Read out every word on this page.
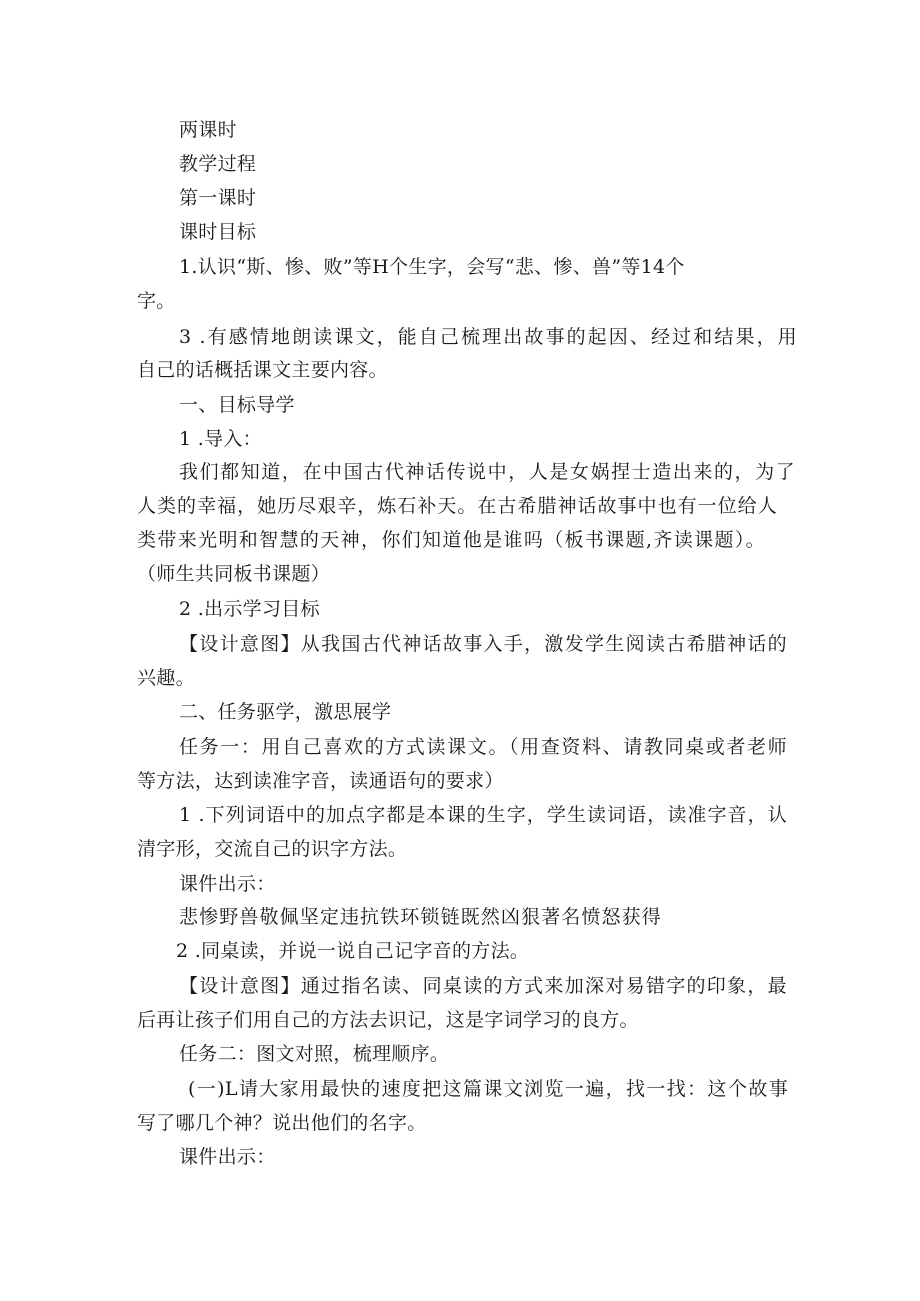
两课时
教学过程
第一课时
课时目标
1.认识“斯、惨、败”等H个生字，会写“悲、惨、兽”等14个
字。
3 .有感情地朗读课文，能自己梳理出故事的起因、经过和结果，用
自己的话概括课文主要内容。
一、目标导学
1 .导入：
我们都知道，在中国古代神话传说中，人是女娲捏士造出来的，为了
人类的幸福，她历尽艰辛，炼石补天。在古希腊神话故事中也有一位给人
类带来光明和智慧的天神，你们知道他是谁吗（板书课题,齐读课题）。
（师生共同板书课题）
2 .出示学习目标
【设计意图】从我国古代神话故事入手，激发学生阅读古希腊神话的
兴趣。
二、任务驱学，激思展学
任务一：用自己喜欢的方式读课文。（用查资料、请教同桌或者老师
等方法，达到读准字音，读通语句的要求）
1 .下列词语中的加点字都是本课的生字，学生读词语，读准字音，认
清字形，交流自己的识字方法。
课件出示：
悲惨野兽敬佩坚定违抗铁环锁链既然凶狠著名愤怒获得
2 .同桌读，并说一说自己记字音的方法。
【设计意图】通过指名读、同桌读的方式来加深对易错字的印象，最
后再让孩子们用自己的方法去识记，这是字词学习的良方。
任务二：图文对照，梳理顺序。
(一)L请大家用最快的速度把这篇课文浏览一遍，找一找：这个故事
写了哪几个神？说出他们的名字。
课件出示：
